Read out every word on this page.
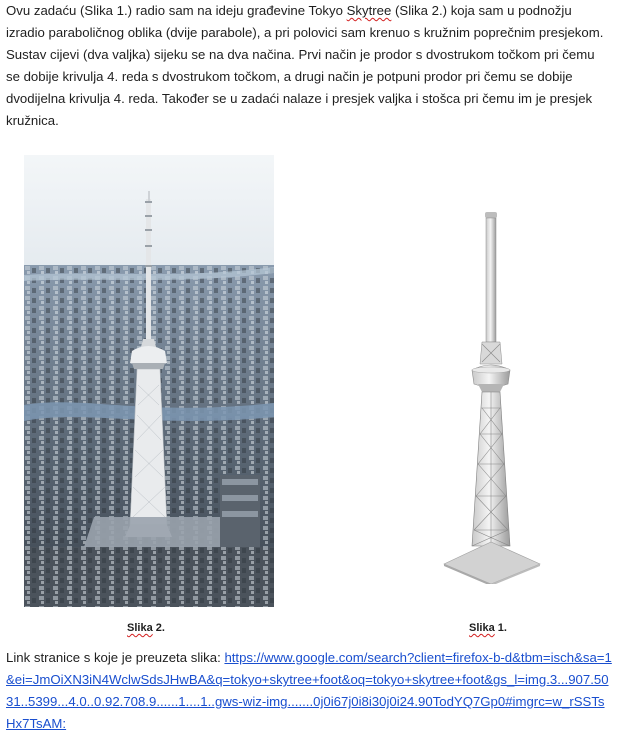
Ovu zadaću (Slika 1.) radio sam na ideju građevine Tokyo Skytree (Slika 2.) koja sam u podnožju izradio paraboličnog oblika (dvije parabole), a pri polovici sam krenuo s kružnim poprečnim presjekom. Sustav cijevi (dva valjka) sijeku se na dva načina. Prvi način je prodor s dvostrukom točkom pri čemu se dobije krivulja 4. reda s dvostrukom točkom, a drugi način je potpuni prodor pri čemu se dobije dvodijelna krivulja 4. reda. Također se u zadaći nalaze i presjek valjka i stošca pri čemu im je presjek kružnica.

Slika 2.	Slika 1.

Link stranice s koje je preuzeta slika: https://www.google.com/search?client=firefox-b-d&tbm=isch&sa=1&ei=JmOiXN3iN4WclwSdsJHwBA&q=tokyo+skytree+foot&oq=tokyo+skytree+foot&gs_l=img.3...907.5031..5399...4.0..0.92.708.9......1....1..gws-wiz-img.......0j0i67j0i8i30j0i24.90TodYQ7Gp0#imgrc=w_rSSTsHx7TsAM:
